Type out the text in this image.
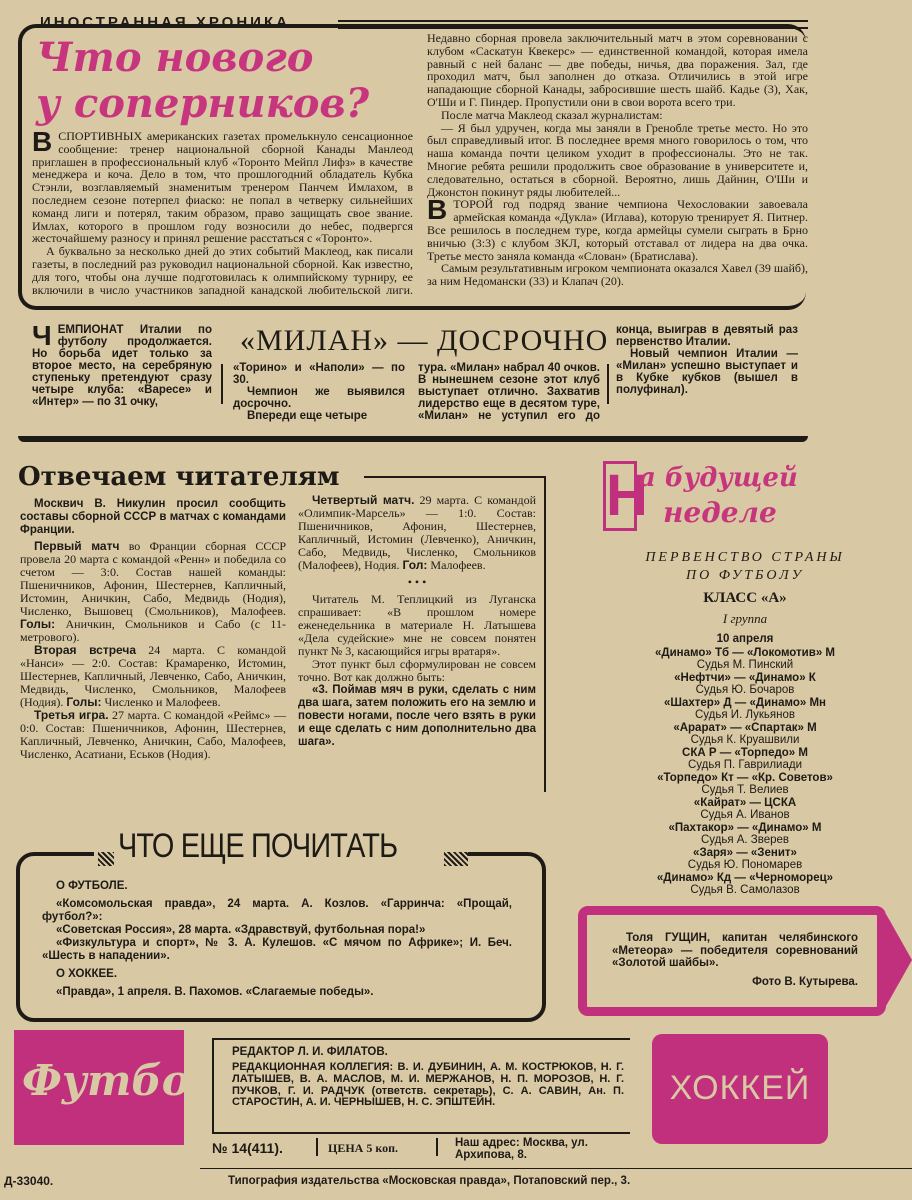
ИНОСТРАННАЯ ХРОНИКА
Что нового
у соперников?

ВСПОРТИВНЫХ американских газетах промелькнуло сенсационное сообщение: тренер национальной сборной Канады Манлеод приглашен в профессиональный клуб «Торонто Мейпл Лифз» в качестве менеджера и коча. Дело в том, что прошлогодний обладатель Кубка Стэнли, возглавляемый знаменитым тренером Панчем Имлахом, в последнем сезоне потерпел фиаско: не попал в четверку сильнейших команд лиги и потерял, таким образом, право защищать свое звание. Имлах, которого в прошлом году возносили до небес, подвергся жесточайшему разносу и принял решение расстаться с «Торонто».

А буквально за несколько дней до этих событий Маклеод, как писали газеты, в последний раз руководил национальной сборной. Как известно, для того, чтобы она лучше подготовилась к олимпийскому турниру, ее включили в число участников западной канадской любительской лиги. Недавно сборная провела заключительный матч в этом соревновании с клубом «Саскатун Квекерс» — единственной командой, которая имела равный с ней баланс — две победы, ничья, два поражения. Зал, где проходил матч, был заполнен до отказа. Отличились в этой игре нападающие сборной Канады, забросившие шесть шайб. Кадье (3), Хак, О'Ши и Г. Пиндер. Пропустили они в свои ворота всего три.

После матча Маклеод сказал журналистам:

— Я был удручен, когда мы заняли в Гренобле третье место. Но это был справедливый итог. В последнее время много говорилось о том, что наша команда почти целиком уходит в профессионалы. Это не так. Многие ребята решили продолжить свое образование в университете и, следовательно, остаться в сборной. Вероятно, лишь Дайнин, О'Ши и Джонстон покинут ряды любителей...

ВТОРОЙ год подряд звание чемпиона Чехословакии завоевала армейская команда «Дукла» (Иглава), которую тренирует Я. Питнер. Все решилось в последнем туре, когда армейцы сумели сыграть в Брно вничью (3:3) с клубом ЗКЛ, который отставал от лидера на два очка. Третье место заняла команда «Слован» (Братислава).

Самым результативным игроком чемпионата оказался Хавел (39 шайб), за ним Недомански (33) и Клапач (20).

ЧЕМПИОНАТ Италии по футболу продолжается. Но борьба идет только за второе место, на серебряную ступеньку претендуют сразу четыре клуба: «Варесе» и «Интер» — по 31 очку,

«МИЛАН» — ДОСРОЧНО

«Торино» и «Наполи» — по 30.

Чемпион же выявился досрочно.

Впереди еще четыре

тура. «Милан» набрал 40 очков. В нынешнем сезоне этот клуб выступает отлично. Захватив лидерство еще в десятом туре, «Милан» не уступил его до конца, выиграв в девятый раз первенство Италии.

Новый чемпион Италии — «Милан» успешно выступает и в Кубке кубков (вышел в полуфинал).

Отвечаем читателям

Москвич В. Никулин просил сообщить составы сборной СССР в матчах с командами Франции.

Первый матч во Франции сборная СССР провела 20 марта с командой «Ренн» и победила со счетом — 3:0. Состав нашей команды: Пшеничников, Афонин, Шестернев, Капличный, Истомин, Аничкин, Сабо, Медвидь (Нодия), Численко, Вышовец (Смольников), Малофеев. Голы: Аничкин, Смольников и Сабо (с 11-метрового).

Вторая встреча 24 марта. С командой «Нанси» — 2:0. Состав: Крамаренко, Истомин, Шестернев, Капличный, Левченко, Сабо, Аничкин, Медвидь, Численко, Смольников, Малофеев (Нодия). Голы: Численко и Малофеев.

Третья игра. 27 марта. С командой «Реймс» — 0:0. Состав: Пшеничников, Афонин, Шестернев, Капличный, Левченко, Аничкин, Сабо, Малофеев, Численко, Асатиани, Еськов (Нодия).

Четвертый матч. 29 марта. С командой «Олимпик-Марсель» — 1:0. Состав: Пшеничников, Афонин, Шестернев, Капличный, Истомин (Левченко), Аничкин, Сабо, Медвидь, Численко, Смольников (Малофеев), Нодия. Гол: Малофеев.

• • •

Читатель М. Теплицкий из Луганска спрашивает: «В прошлом номере еженедельника в материале Н. Латышева «Дела судейские» мне не совсем понятен пункт № 3, касающийся игры вратаря».

Этот пункт был сформулирован не совсем точно. Вот как должно быть:

«3. Поймав мяч в руки, сделать с ним два шага, затем положить его на землю и повести ногами, после чего взять в руки и еще сделать с ним дополнительно два шага».

Н
а будущей
неделе
ПЕРВЕНСТВО СТРАНЫ
ПО ФУТБОЛУ
КЛАСС «А»
I группа
10 апреля
«Динамо» Тб — «Локомотив» М
Судья М. Пинский
«Нефтчи» — «Динамо» К
Судья Ю. Бочаров
«Шахтер» Д — «Динамо» Мн
Судья И. Лукьянов
«Арарат» — «Спартак» М
Судья К. Круашвили
СКА Р — «Торпедо» М
Судья П. Гаврилиади
«Торпедо» Кт — «Кр. Советов»
Судья Т. Велиев
«Кайрат» — ЦСКА
Судья А. Иванов
«Пахтакор» — «Динамо» М
Судья А. Зверев
«Заря» — «Зенит»
Судья Ю. Пономарев
«Динамо» Кд — «Черноморец»
Судья В. Самолазов
ЧТО ЕЩЕ ПОЧИТАТЬ

О ФУТБОЛЕ.

«Комсомольская правда», 24 марта. А. Козлов. «Гарринча: «Прощай, футбол?»:

«Советская Россия», 28 марта. «Здравствуй, футбольная пора!»

«Физкультура и спорт», № 3. А. Кулешов. «С мячом по Африке»; И. Беч. «Шесть в нападении».

О ХОККЕЕ.

«Правда», 1 апреля. В. Пахомов. «Слагаемые победы».

Толя ГУЩИН, капитан челябинского «Метеора» — победителя соревнований «Золотой шайбы».

Фото В. Кутырева.

Футбол
РЕДАКТОР Л. И. ФИЛАТОВ.
РЕДАКЦИОННАЯ КОЛЛЕГИЯ: В. И. ДУБИНИН, А. М. КОСТРЮКОВ, Н. Г. ЛАТЫШЕВ, В. А. МАСЛОВ, М. И. МЕРЖАНОВ, Н. П. МОРОЗОВ, Н. Г. ПУЧКОВ, Г. И. РАДЧУК (ответств. секретарь), С. А. САВИН, Ан. П. СТАРОСТИН, А. И. ЧЕРНЫШЕВ, Н. С. ЭПШТЕЙН.
№ 14(411).	ЦЕНА 5 коп.	Наш адрес: Москва, ул. Архипова, 8.
ХОККЕЙ
Д-33040.	Типография издательства «Московская правда», Потаповский пер., 3.
